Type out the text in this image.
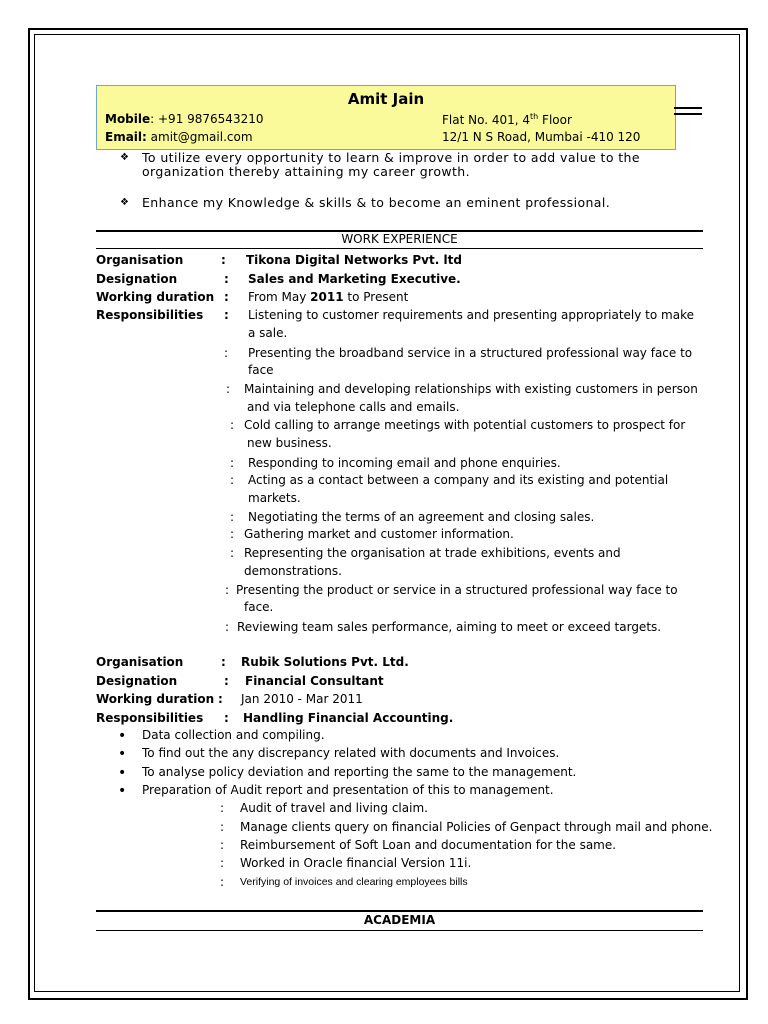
Amit Jain
Mobile: +91 9876543210
Email: amit@gmail.com
Flat No. 401, 4th Floor
12/1 N S Road, Mumbai -410 120
❖ To utilize every opportunity to learn & improve in order to add value to the
organization thereby attaining my career growth.
❖ Enhance my Knowledge & skills & to become an eminent professional.
WORK EXPERIENCE
Organisation	: Tikona Digital Networks Pvt. ltd
Designation	: Sales and Marketing Executive.
Working duration : From May 2011 to Present
Responsibilities : Listening to customer requirements and presenting appropriately to make
a sale.
: Presenting the broadband service in a structured professional way face to
face
: Maintaining and developing relationships with existing customers in person
and via telephone calls and emails.
: Cold calling to arrange meetings with potential customers to prospect for
new business.
: Responding to incoming email and phone enquiries.
: Acting as a contact between a company and its existing and potential
markets.
: Negotiating the terms of an agreement and closing sales.
: Gathering market and customer information.
: Representing the organisation at trade exhibitions, events and
demonstrations.
: Presenting the product or service in a structured professional way face to
face.
: Reviewing team sales performance, aiming to meet or exceed targets.
Organisation	: Rubik Solutions Pvt. Ltd.
Designation	: Financial Consultant
Working duration : Jan 2010 - Mar 2011
Responsibilities : Handling Financial Accounting.
• Data collection and compiling.
• To find out the any discrepancy related with documents and Invoices.
• To analyse policy deviation and reporting the same to the management.
• Preparation of Audit report and presentation of this to management.
: Audit of travel and living claim.
: Manage clients query on financial Policies of Genpact through mail and phone.
: Reimbursement of Soft Loan and documentation for the same.
: Worked in Oracle financial Version 11i.
: Verifying of invoices and clearing employees bills
ACADEMIA
